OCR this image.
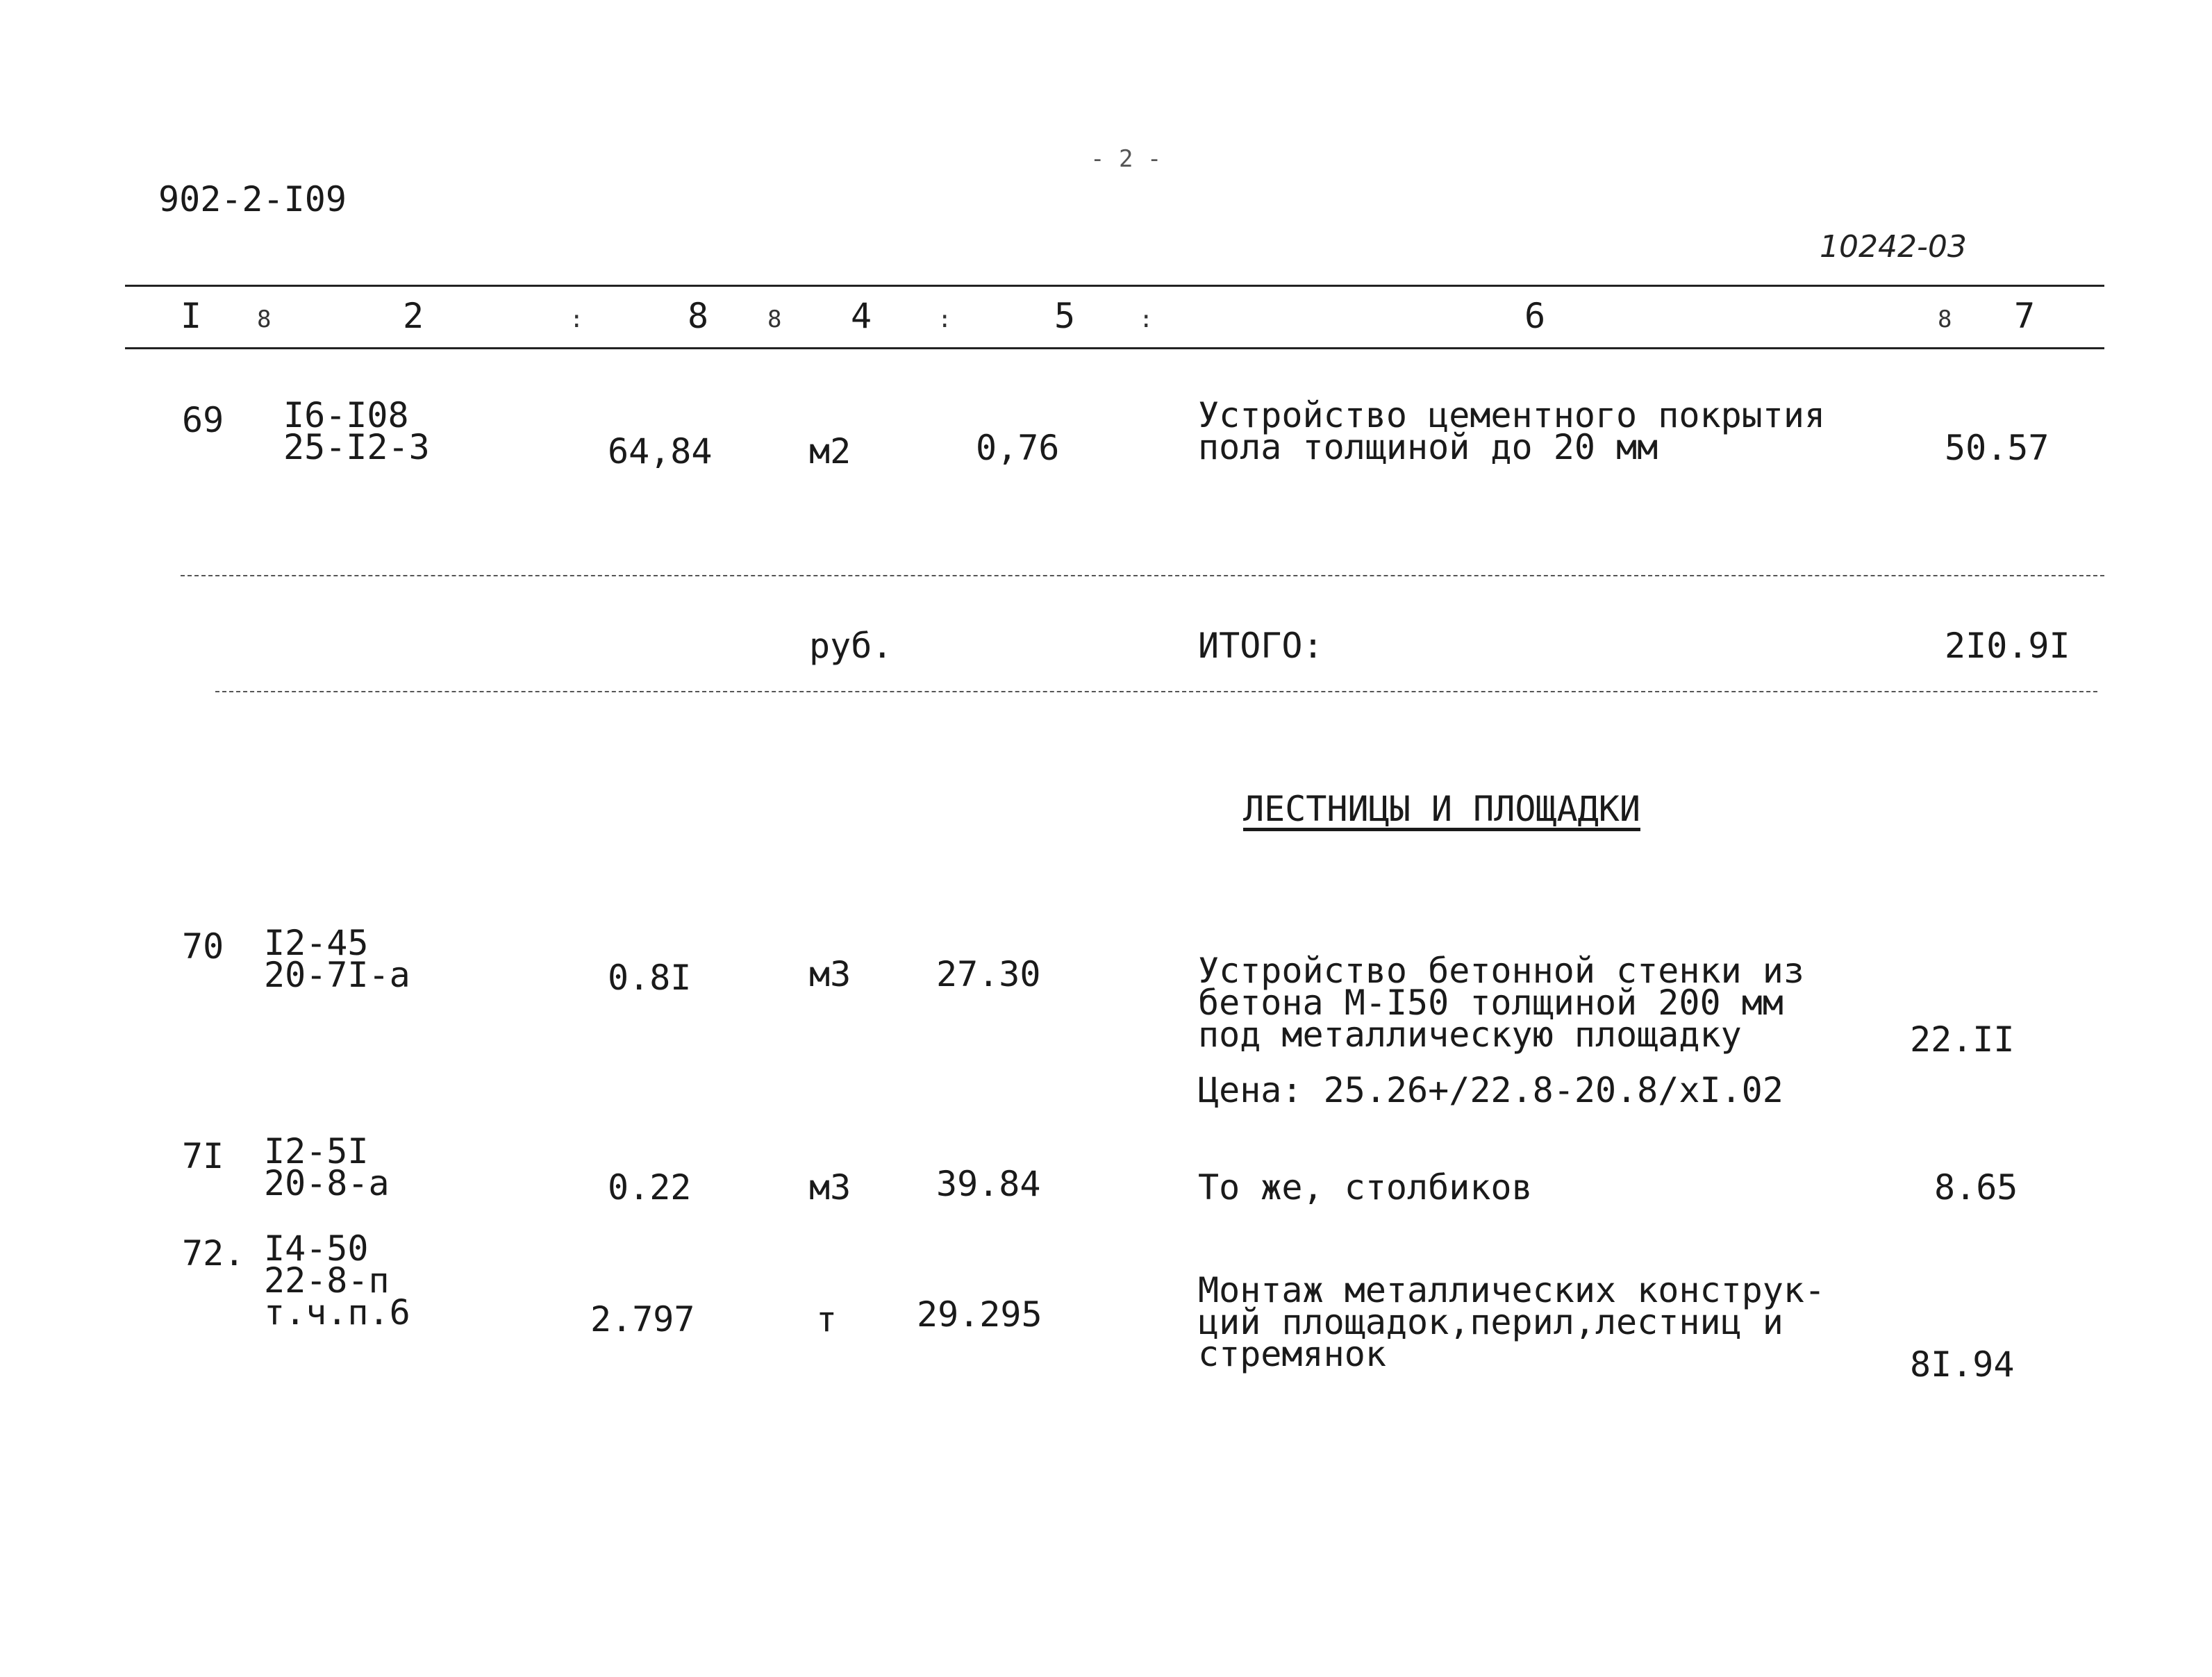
902-2-I09
- 2 -
10242-03
I 8	2	:	8 8 4	:	5	:	6	8 7
69 I6-I08
25-I2-3	64,84	м2	0,76
Устройство цементного покрытия
пола толщиной до 20 мм	50.57
руб.	ИТОГО:	2I0.9I
ЛЕСТНИЦЫ И ПЛОЩАДКИ
70 I2-45
20-7I-а	0.8I	м3 27.30	Устройство бетонной стенки из
бетона М-I50 толщиной 200 мм
под металлическую площадку	22.II
Цена: 25.26+/22.8-20.8/хI.02
7I I2-5I
20-8-а	0.22	м3 39.84	То же, столбиков	8.65
72. I4-50
22-8-п
т.ч.п.6	2.797	т 29.295
Монтаж металлических конструк-
ций площадок,перил,лестниц и
стремянок	8I.94
